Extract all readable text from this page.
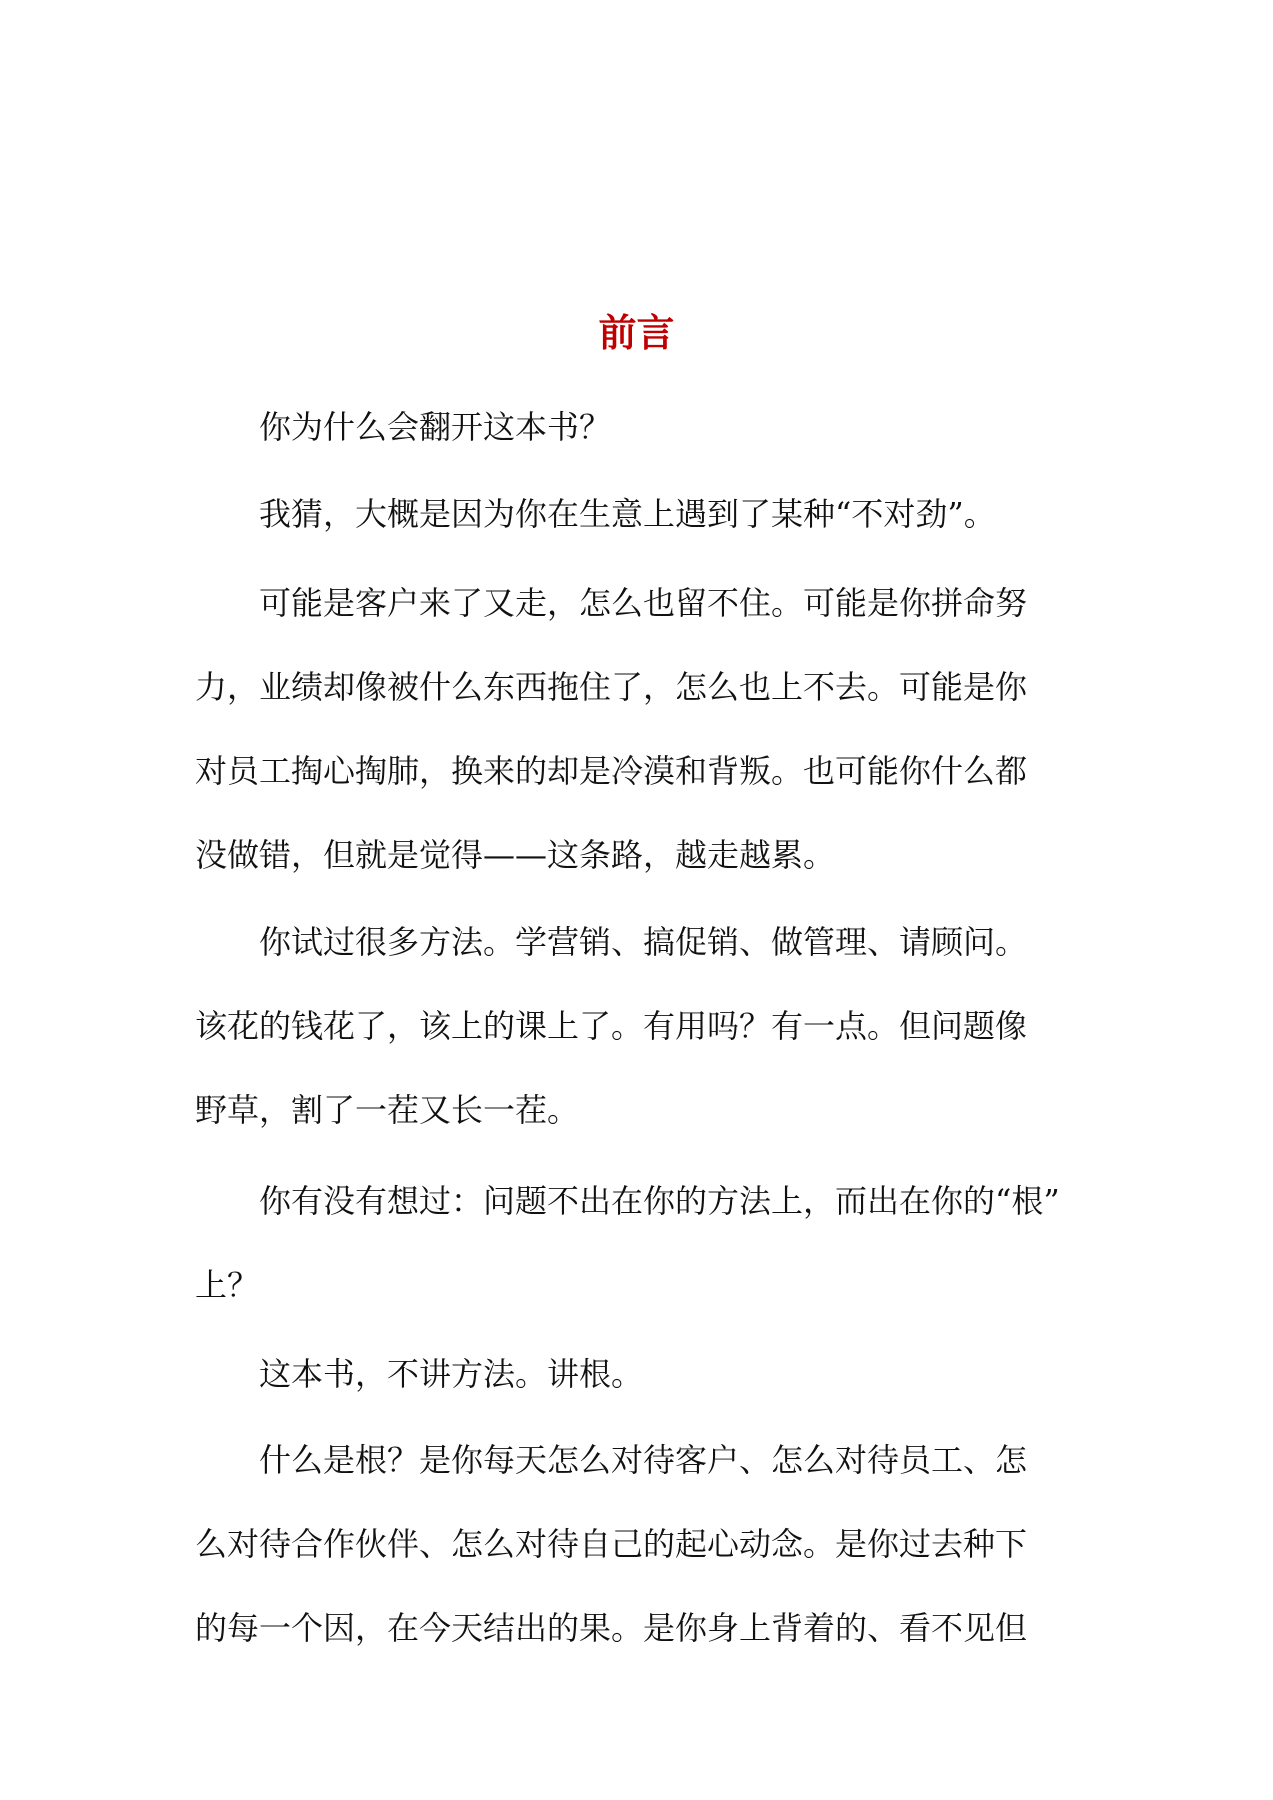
前言

你为什么会翻开这本书？

我猜，大概是因为你在生意上遇到了某种“不对劲”。

可能是客户来了又走，怎么也留不住。可能是你拼命努

力，业绩却像被什么东西拖住了，怎么也上不去。可能是你
对员工掏心掏肺，换来的却是冷漠和背叛。也可能你什么都
没做错，但就是觉得——这条路，越走越累。

你试过很多方法。学营销、搞促销、做管理、请顾问。

该花的钱花了，该上的课上了。有用吗？有一点。但问题像
野草，割了一茬又长一茬。

你有没有想过：问题不出在你的方法上，而出在你的“根”

上？

这本书，不讲方法。讲根。

什么是根？是你每天怎么对待客户、怎么对待员工、怎

么对待合作伙伴、怎么对待自己的起心动念。是你过去种下
的每一个因，在今天结出的果。是你身上背着的、看不见但
